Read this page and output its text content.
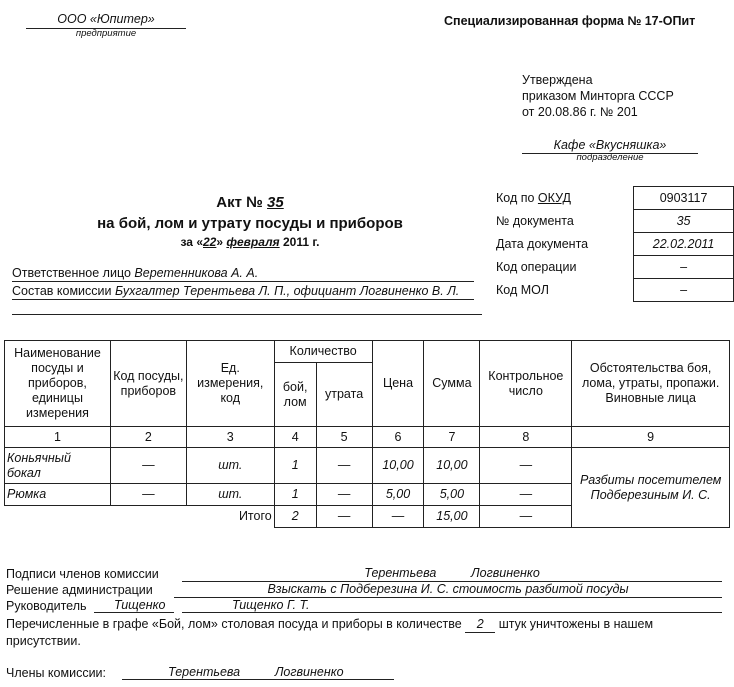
ООО «Юпитер»
предприятие
Специализированная форма № 17-ОПит
Утверждена
приказом Минторга СССР
от 20.08.86 г. № 201
Кафе «Вкусняшка»
подразделение
Акт № 35
на бой, лом и утрату посуды и приборов
за «22» февраля 2011 г.
Код по ОКУД	0903117
№ документа	35
Дата документа	22.02.2011
Код операции	–
Код МОЛ	–
Ответственное лицо Веретенникова А. А.
Состав комиссии Бухгалтер Терентьева Л. П., официант Логвиненко В. Л.
Наименование посуды и приборов, единицы измерения	Код посуды, приборов	Ед. измерения, код	Количество		Цена	Сумма	Контрольное число	Обстоятельства боя, лома, утраты, пропажи. Виновные лица
			бой, лом	утрата				
1	2	3	4	5	6	7	8	9
Коньячный бокал	—	шт.	1	—	10,00	10,00	—	Разбиты посетителем Подберезиным И. С.
Рюмка	—	шт.	1	—	5,00	5,00	—	
Итого			2	—	—	15,00	—	
Подписи членов комиссии	Терентьева          Логвиненко
Решение администрации	Взыскать с Подберезина И. С. стоимость разбитой посуды
Руководитель	Тищенко	Тищенко Г. Т.
Перечисленные в графе «Бой, лом» столовая посуда и приборы в количестве 2 штук уничтожены в нашем
присутствии.
Члены комиссии:	Терентьева          Логвиненко
